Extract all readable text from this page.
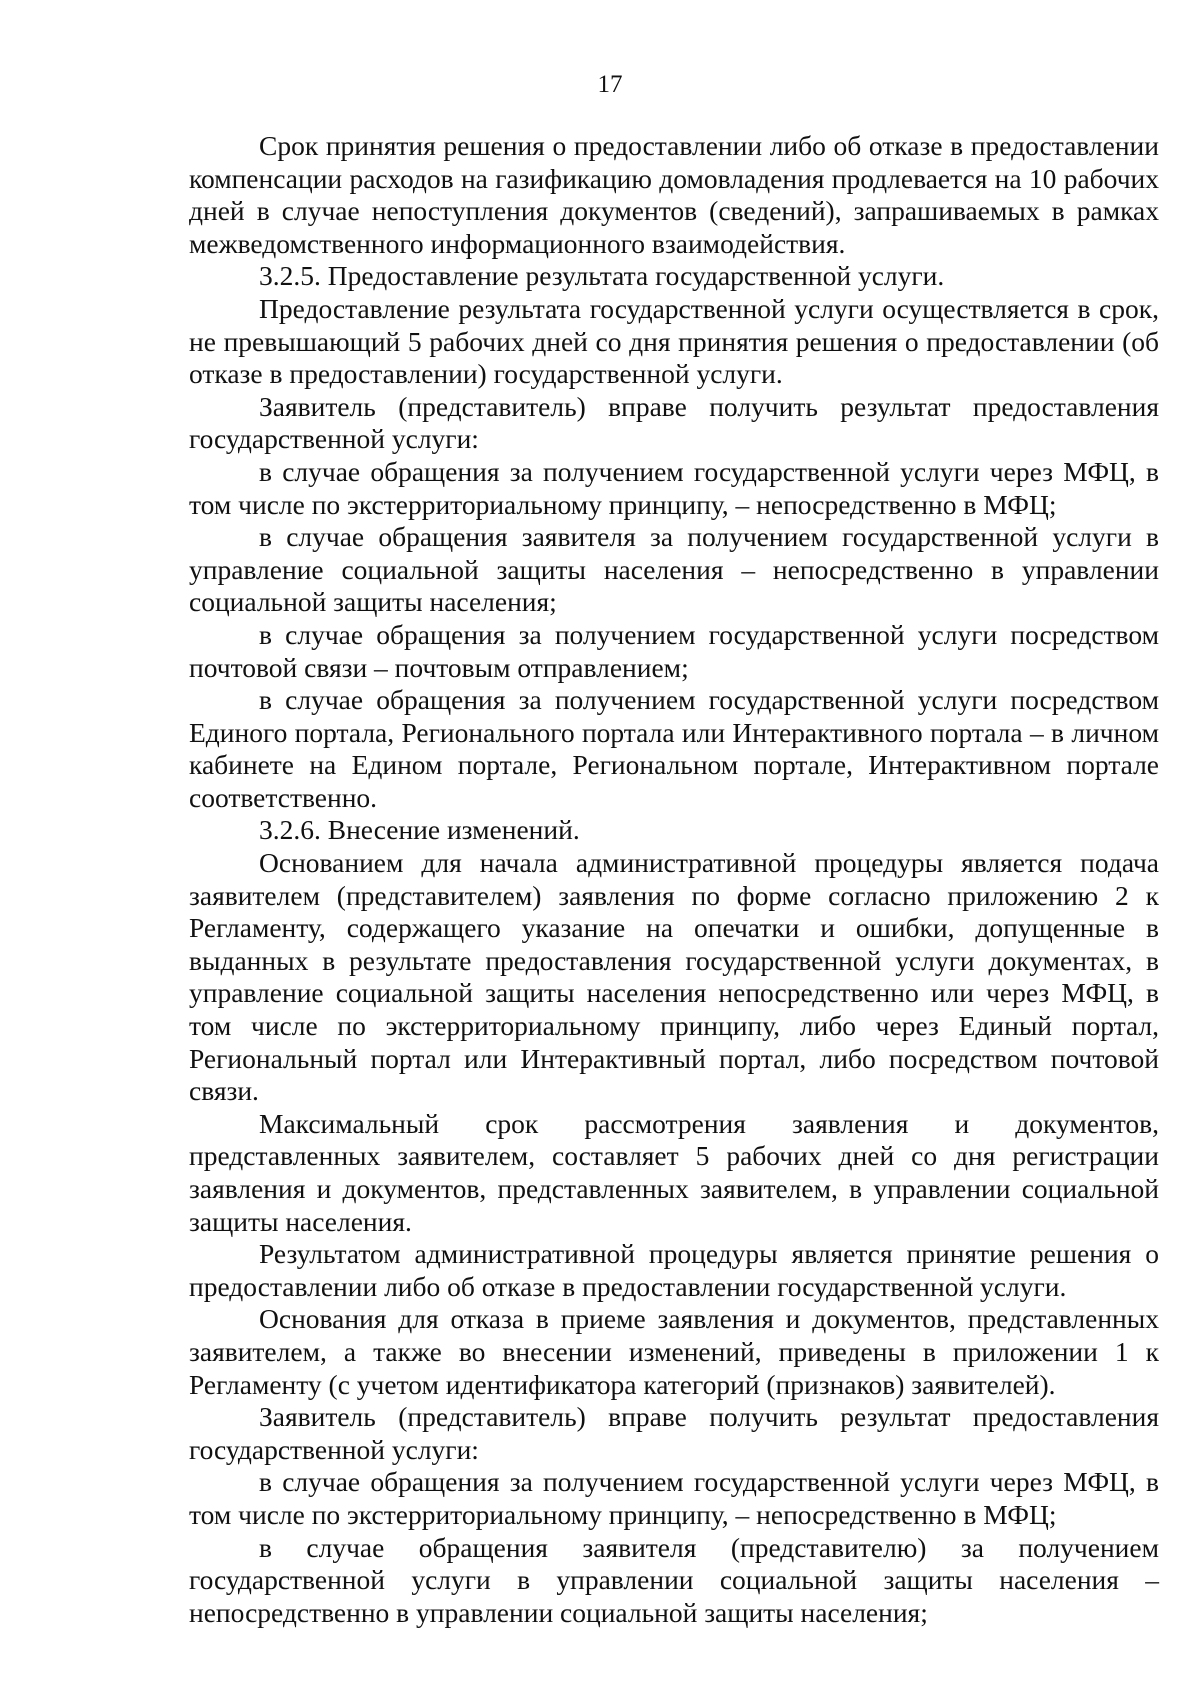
17

Срок принятия решения о предоставлении либо об отказе в предоставлении компенсации расходов на газификацию домовладения продлевается на 10 рабочих дней в случае непоступления документов (сведений), запрашиваемых в рамках межведомственного информационного взаимодействия.

3.2.5. Предоставление результата государственной услуги.

Предоставление результата государственной услуги осуществляется в срок, не превышающий 5 рабочих дней со дня принятия решения о предоставлении (об отказе в предоставлении) государственной услуги.

Заявитель (представитель) вправе получить результат предоставления государственной услуги:

в случае обращения за получением государственной услуги через МФЦ, в том числе по экстерриториальному принципу, – непосредственно в МФЦ;

в случае обращения заявителя за получением государственной услуги в управление социальной защиты населения – непосредственно в управлении социальной защиты населения;

в случае обращения за получением государственной услуги посредством почтовой связи – почтовым отправлением;

в случае обращения за получением государственной услуги посредством Единого портала, Регионального портала или Интерактивного портала – в личном кабинете на Едином портале, Региональном портале, Интерактивном портале соответственно.

3.2.6. Внесение изменений.

Основанием для начала административной процедуры является подача заявителем (представителем) заявления по форме согласно приложению 2 к Регламенту, содержащего указание на опечатки и ошибки, допущенные в выданных в результате предоставления государственной услуги документах, в управление социальной защиты населения непосредственно или через МФЦ, в том числе по экстерриториальному принципу, либо через Единый портал, Региональный портал или Интерактивный портал, либо посредством почтовой связи.

Максимальный срок рассмотрения заявления и документов, представленных заявителем, составляет 5 рабочих дней со дня регистрации заявления и документов, представленных заявителем, в управлении социальной защиты населения.

Результатом административной процедуры является принятие решения о предоставлении либо об отказе в предоставлении государственной услуги.

Основания для отказа в приеме заявления и документов, представленных заявителем, а также во внесении изменений, приведены в приложении 1 к Регламенту (с учетом идентификатора категорий (признаков) заявителей).

Заявитель (представитель) вправе получить результат предоставления государственной услуги:

в случае обращения за получением государственной услуги через МФЦ, в том числе по экстерриториальному принципу, – непосредственно в МФЦ;

в случае обращения заявителя (представителю) за получением государственной услуги в управлении социальной защиты населения – непосредственно в управлении социальной защиты населения;
